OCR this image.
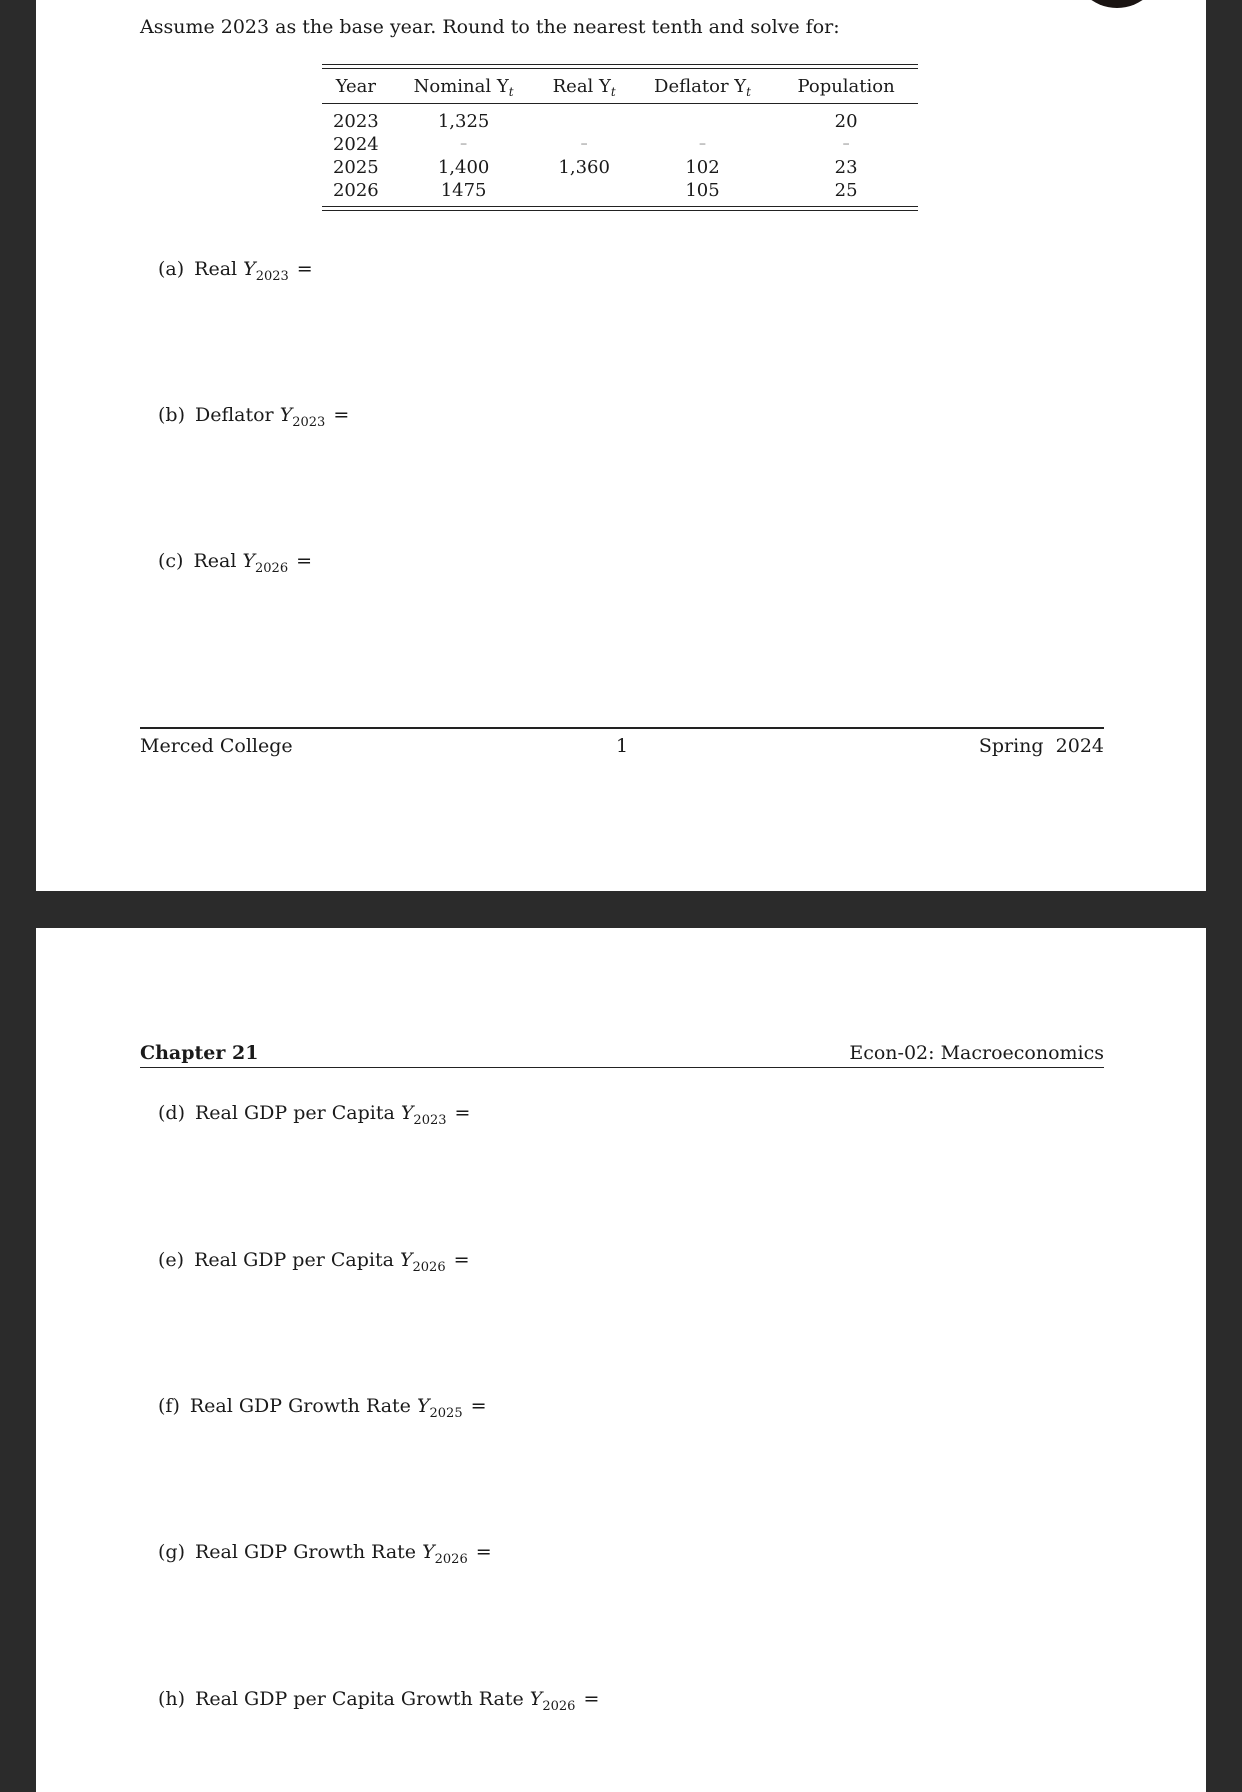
Assume 2023 as the base year. Round to the nearest tenth and solve for:
Year	Nominal $Y_t$	Real $Y_t$	Deflator $Y_t$	Population

2023	1,325			20
2024	–	–	–	–
2025	1,400	1,360	102	23
2026	1475		105	25
(a) Real $Y_{2023}$ =
(b) Deflator $Y_{2023}$ =
(c) Real $Y_{2026}$ =
Merced College	1	Spring  2024
Chapter 21	Econ-02: Macroeconomics
(d) Real GDP per Capita $Y_{2023}$ =
(e) Real GDP per Capita $Y_{2026}$ =
(f) Real GDP Growth Rate $Y_{2025}$ =
(g) Real GDP Growth Rate $Y_{2026}$ =
(h) Real GDP per Capita Growth Rate $Y_{2026}$ =
